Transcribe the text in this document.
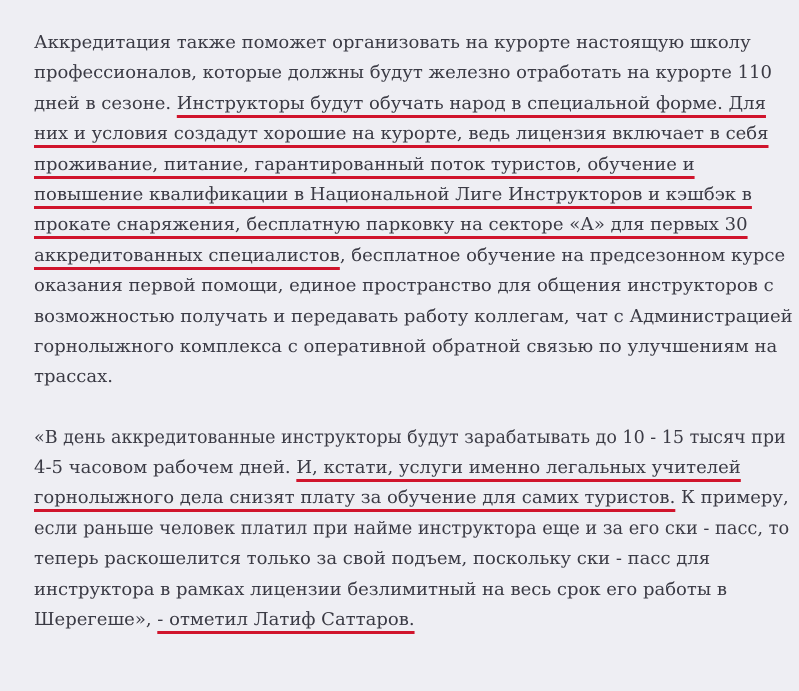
Аккредитация также поможет организовать на курорте настоящую школу
профессионалов, которые должны будут железно отработать на курорте 110
дней в сезоне. Инструкторы будут обучать народ в специальной форме. Для
них и условия создадут хорошие на курорте, ведь лицензия включает в себя
проживание, питание, гарантированный поток туристов, обучение и
повышение квалификации в Национальной Лиге Инструкторов и кэшбэк в
прокате снаряжения, бесплатную парковку на секторе «А» для первых 30
аккредитованных специалистов, бесплатное обучение на предсезонном курсе
оказания первой помощи, единое пространство для общения инструкторов с
возможностью получать и передавать работу коллегам, чат с Администрацией
горнолыжного комплекса с оперативной обратной связью по улучшениям на
трассах.

«В день аккредитованные инструкторы будут зарабатывать до 10 - 15 тысяч при
4-5 часовом рабочем дней. И, кстати, услуги именно легальных учителей
горнолыжного дела снизят плату за обучение для самих туристов. К примеру,
если раньше человек платил при найме инструктора еще и за его ски - пасс, то
теперь раскошелится только за свой подъем, поскольку ски - пасс для
инструктора в рамках лицензии безлимитный на весь срок его работы в
Шерегеше», - отметил Латиф Саттаров.
